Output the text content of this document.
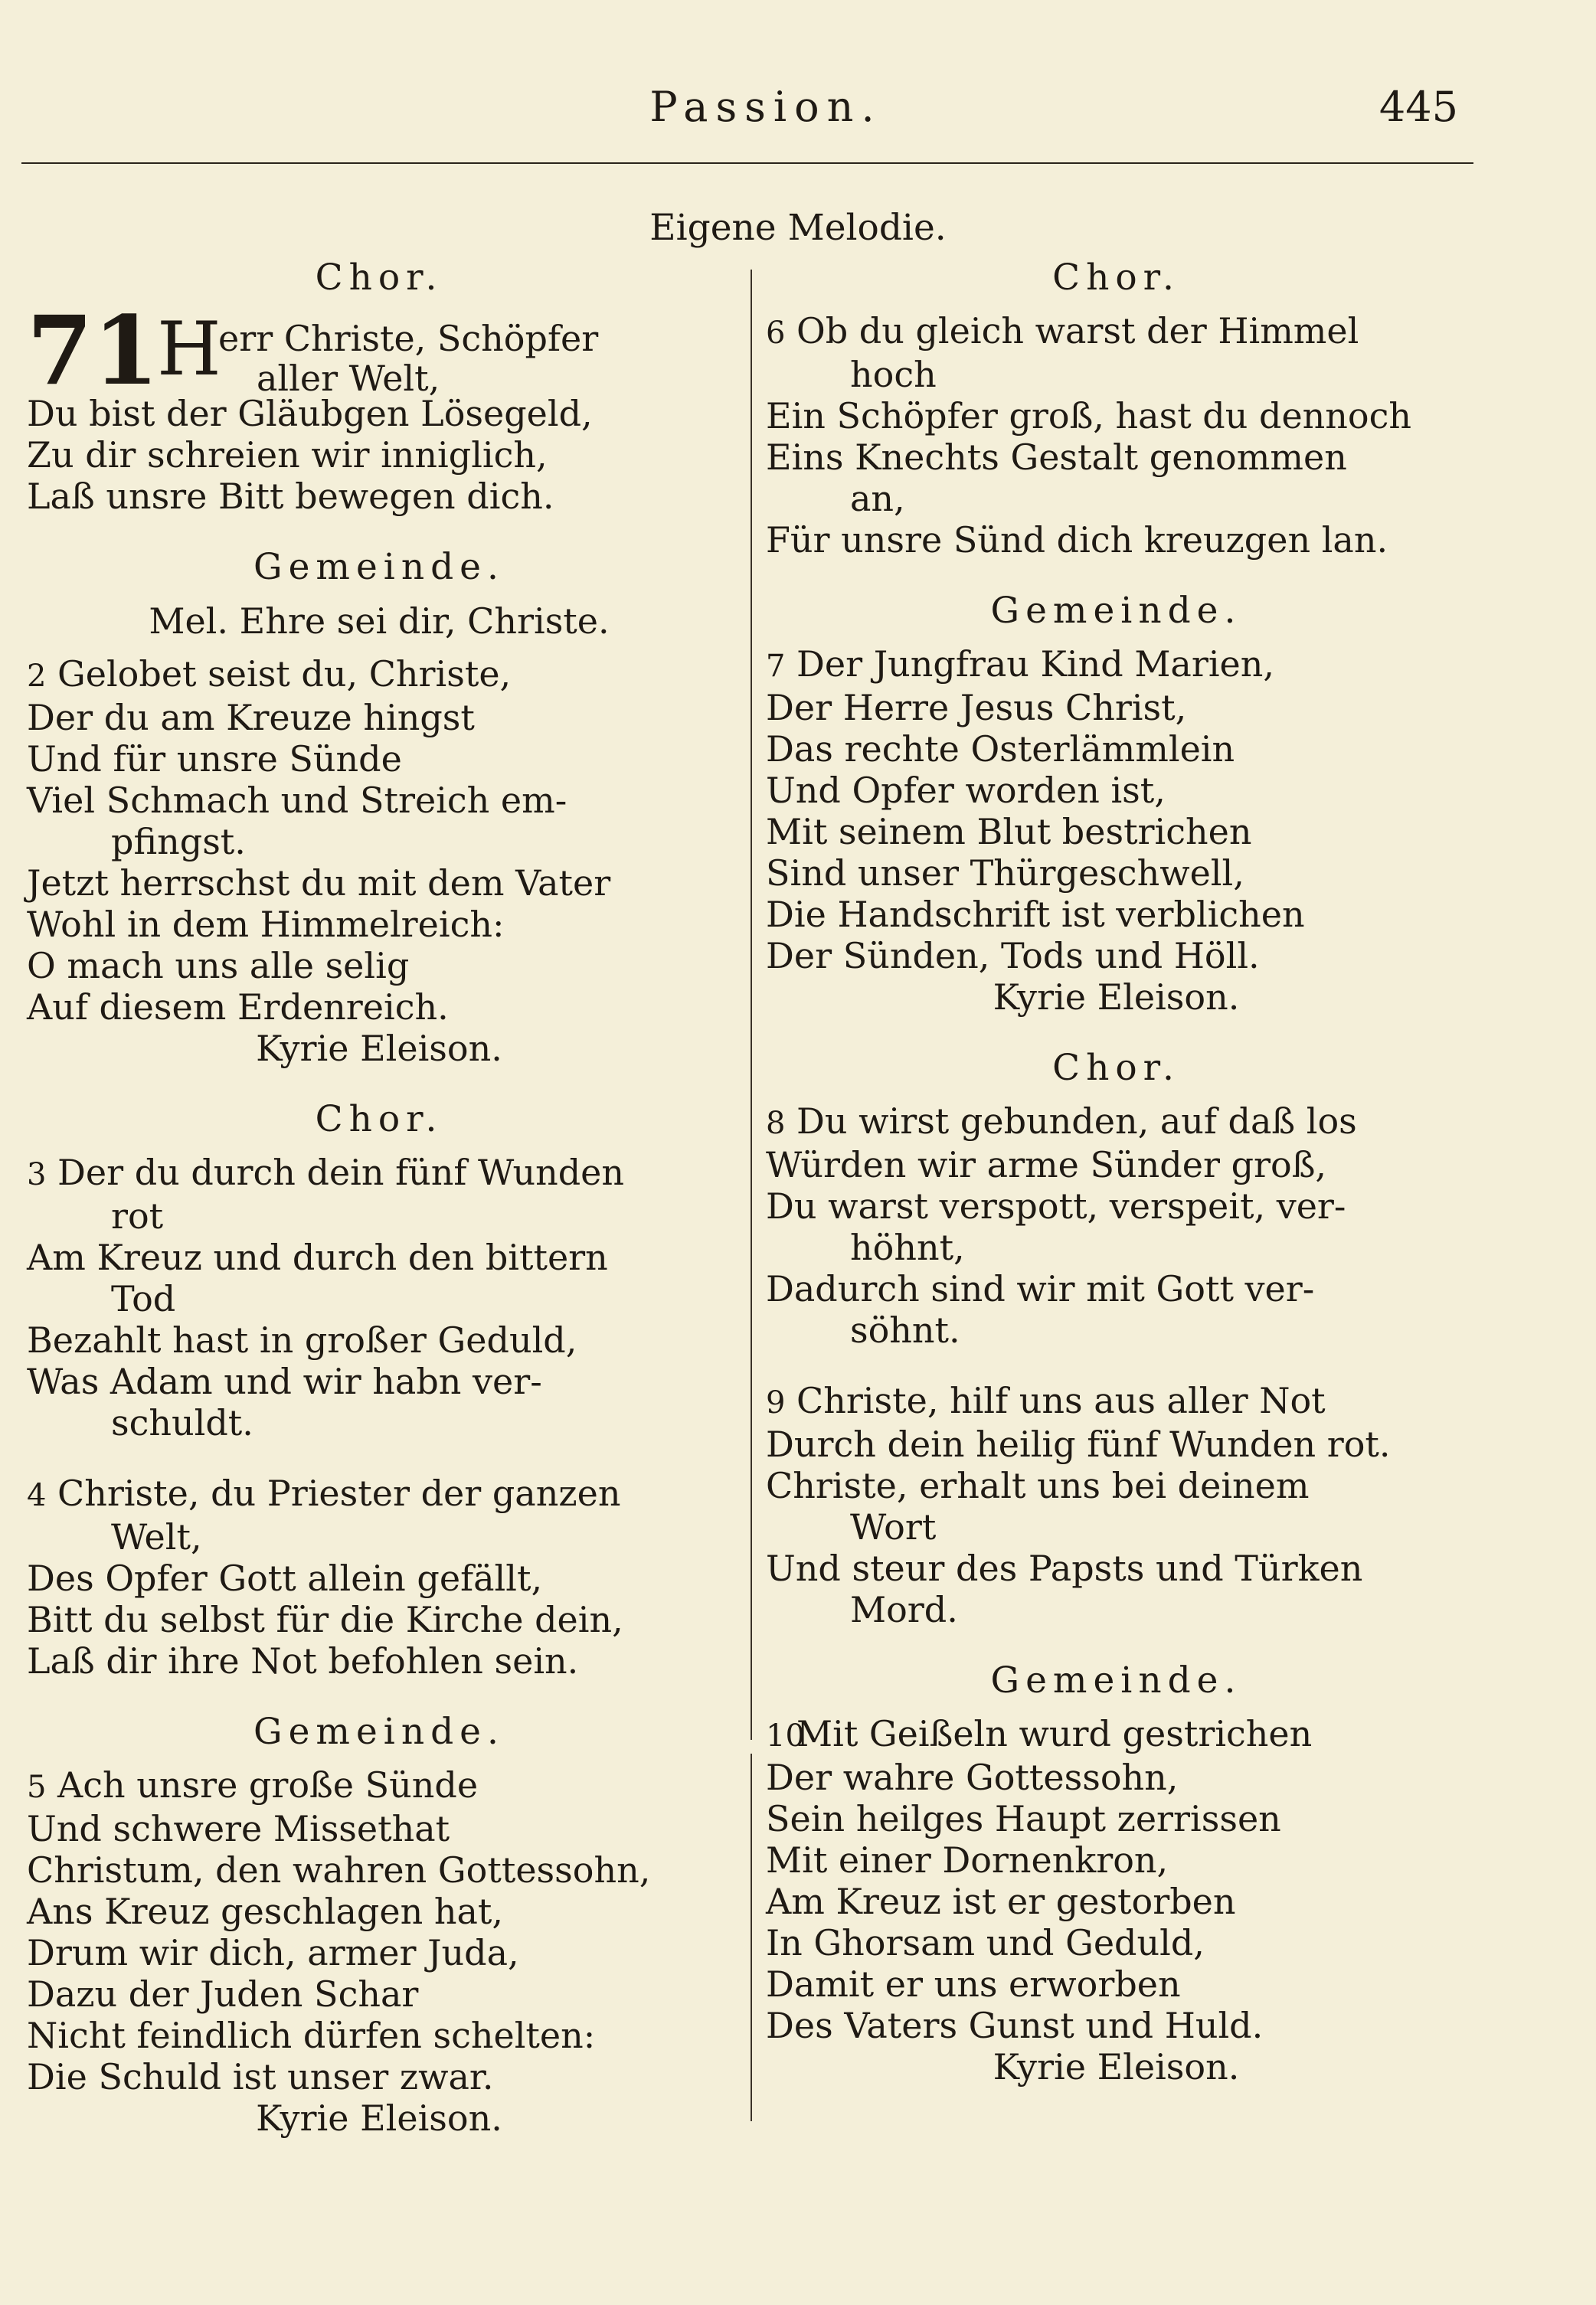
Passion.	445
Eigene Melodie.
Chor.
71
H
err Christe, Schöpfer
aller Welt,
Du bist der Gläubgen Lösegeld,
Zu dir schreien wir inniglich,
Laß unsre Bitt bewegen dich.
Gemeinde.
Mel. Ehre sei dir, Christe.
2 Gelobet seist du, Christe,
Der du am Kreuze hingst
Und für unsre Sünde
Viel Schmach und Streich em-
pfingst.
Jetzt herrschst du mit dem Vater
Wohl in dem Himmelreich:
O mach uns alle selig
Auf diesem Erdenreich.
Kyrie Eleison.
Chor.
3 Der du durch dein fünf Wunden
rot
Am Kreuz und durch den bittern
Tod
Bezahlt hast in großer Geduld,
Was Adam und wir habn ver-
schuldt.
4 Christe, du Priester der ganzen
Welt,
Des Opfer Gott allein gefällt,
Bitt du selbst für die Kirche dein,
Laß dir ihre Not befohlen sein.
Gemeinde.
5 Ach unsre große Sünde
Und schwere Missethat
Christum, den wahren Gottessohn,
Ans Kreuz geschlagen hat,
Drum wir dich, armer Juda,
Dazu der Juden Schar
Nicht feindlich dürfen schelten:
Die Schuld ist unser zwar.
Kyrie Eleison.
Chor.
6 Ob du gleich warst der Himmel
hoch
Ein Schöpfer groß, hast du dennoch
Eins Knechts Gestalt genommen
an,
Für unsre Sünd dich kreuzgen lan.
Gemeinde.
7 Der Jungfrau Kind Marien,
Der Herre Jesus Christ,
Das rechte Osterlämmlein
Und Opfer worden ist,
Mit seinem Blut bestrichen
Sind unser Thürgeschwell,
Die Handschrift ist verblichen
Der Sünden, Tods und Höll.
Kyrie Eleison.
Chor.
8 Du wirst gebunden, auf daß los
Würden wir arme Sünder groß,
Du warst verspott, verspeit, ver-
höhnt,
Dadurch sind wir mit Gott ver-
söhnt.
9 Christe, hilf uns aus aller Not
Durch dein heilig fünf Wunden rot.
Christe, erhalt uns bei deinem
Wort
Und steur des Papsts und Türken
Mord.
Gemeinde.
10Mit Geißeln wurd gestrichen
Der wahre Gottessohn,
Sein heilges Haupt zerrissen
Mit einer Dornenkron,
Am Kreuz ist er gestorben
In Ghorsam und Geduld,
Damit er uns erworben
Des Vaters Gunst und Huld.
Kyrie Eleison.
